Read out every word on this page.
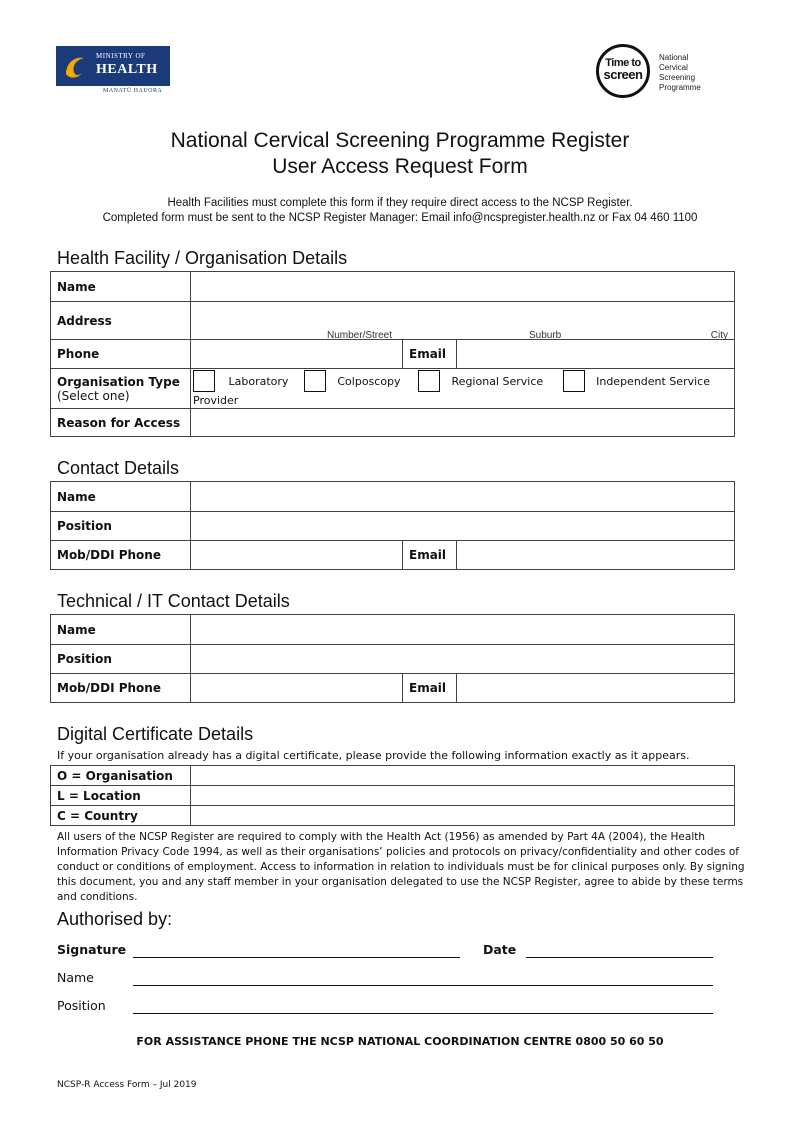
MINISTRY OF
HEALTH
MANATŪ HAUORA
Time to
screen
National
Cervical
Screening
Programme
National Cervical Screening Programme Register
User Access Request Form
Health Facilities must complete this form if they require direct access to the NCSP Register.
Completed form must be sent to the NCSP Register Manager: Email info@ncspregister.health.nz or Fax 04 460 1100
Health Facility / Organisation Details
Name			
Address	Number/Street Suburb City		

Phone		Email	

Organisation Type
(Select one)	Laboratory Colposcopy Regional Service Independent Service Provider		
Reason for Access			
Contact Details
Name			
Position			
Mob/DDI Phone		Email	
Technical / IT Contact Details
Name			
Position			
Mob/DDI Phone		Email	
Digital Certificate Details
If your organisation already has a digital certificate, please provide the following information exactly as it appears.
O = Organisation	
L = Location	
C = Country	
All users of the NCSP Register are required to comply with the Health Act (1956) as amended by Part 4A (2004), the Health Information Privacy Code 1994, as well as their organisations’ policies and protocols on privacy/confidentiality and other codes of conduct or conditions of employment. Access to information in relation to individuals must be for clinical purposes only. By signing this document, you and any staff member in your organisation delegated to use the NCSP Register, agree to abide by these terms and conditions.
Authorised by:
Signature	Date
Name
Position
FOR ASSISTANCE PHONE THE NCSP NATIONAL COORDINATION CENTRE 0800 50 60 50
NCSP-R Access Form – Jul 2019
